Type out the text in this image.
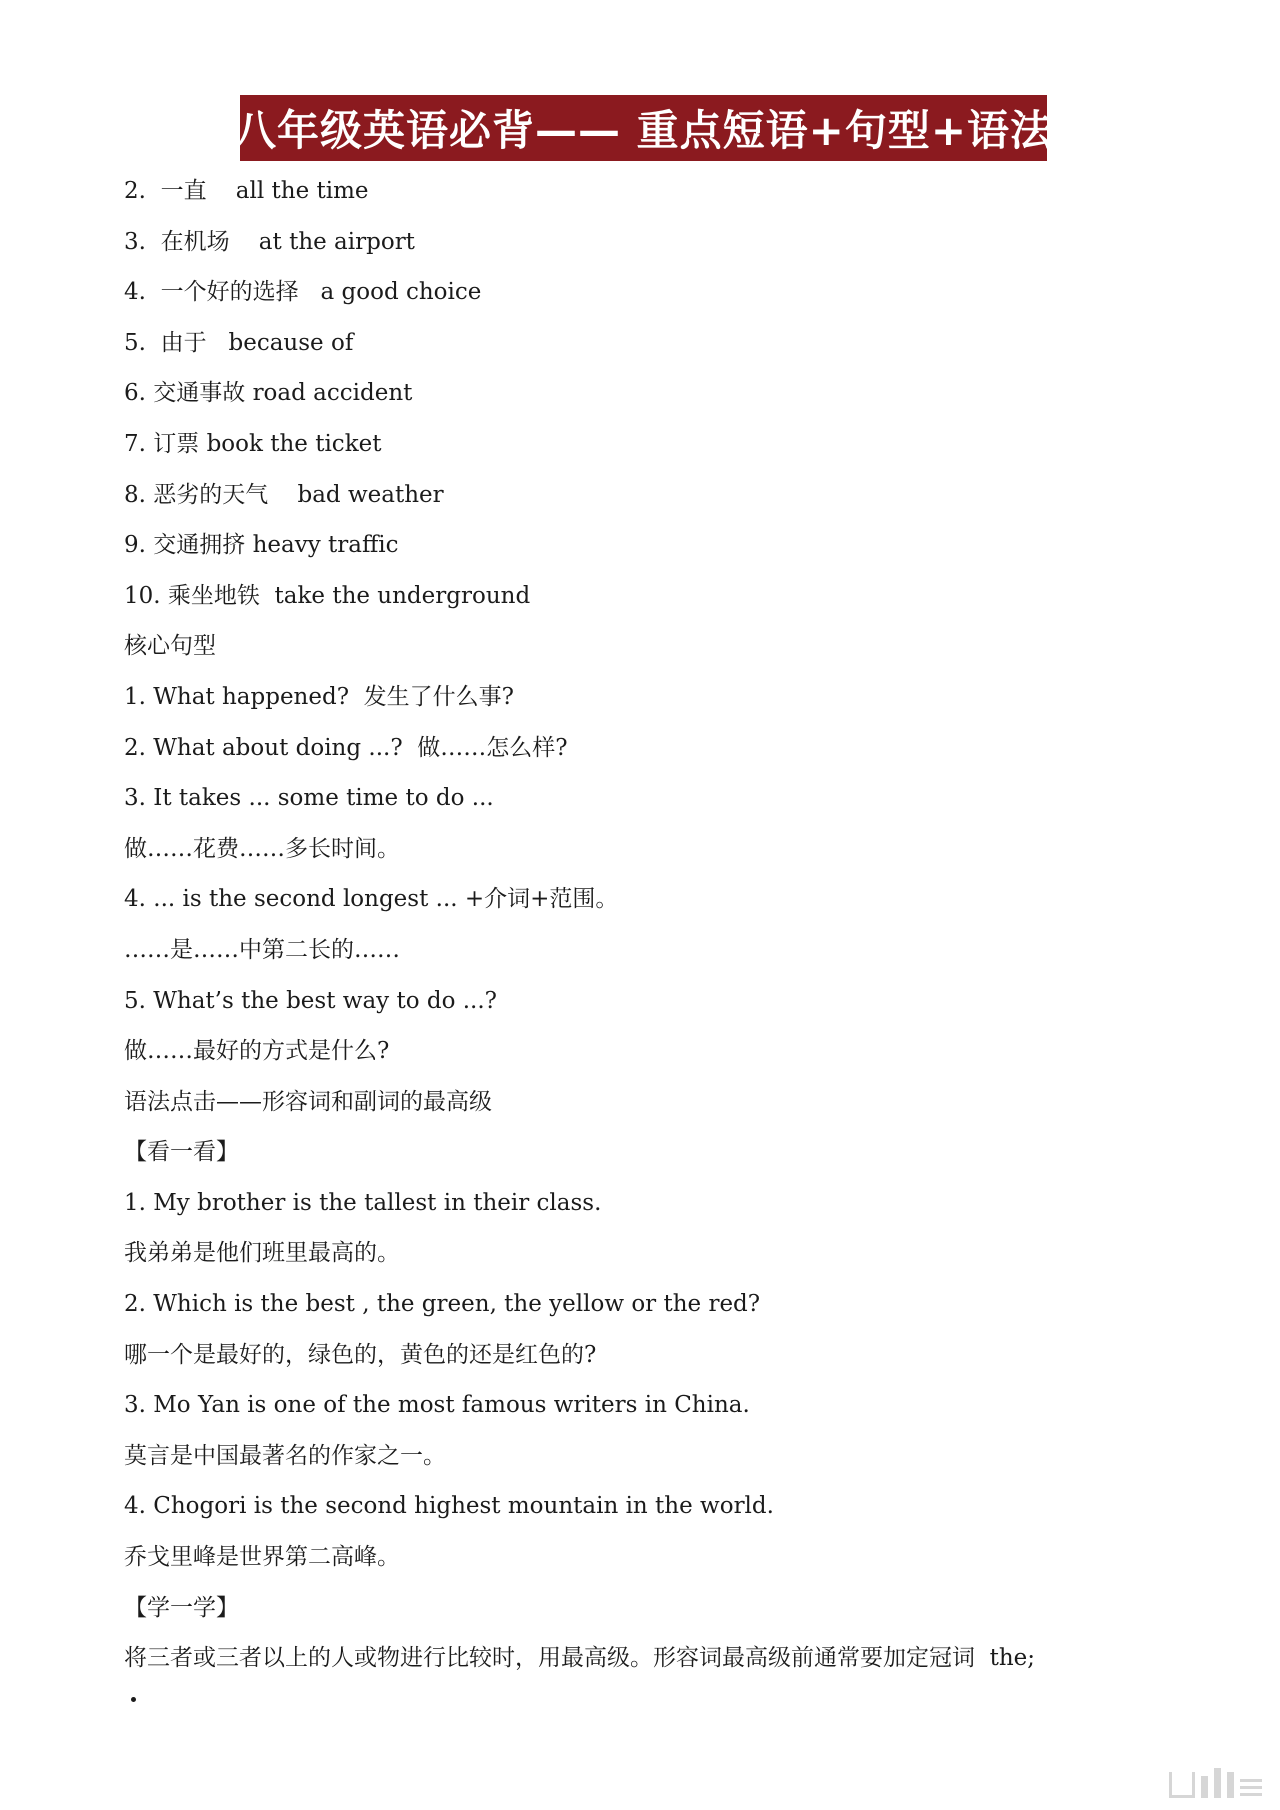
八年级英语必背—— 重点短语+句型+语法
2.  一直    all the time
3.  在机场    at the airport
4.  一个好的选择   a good choice
5.  由于   because of
6. 交通事故 road accident
7. 订票 book the ticket
8. 恶劣的天气    bad weather
9. 交通拥挤 heavy traffic
10. 乘坐地铁  take the underground
核心句型
1. What happened?  发生了什么事?
2. What about doing ...?  做……怎么样?
3. It takes ... some time to do ...
做……花费……多长时间。
4. ... is the second longest ... +介词+范围。
……是……中第二长的……
5. What’s the best way to do ...?
做……最好的方式是什么?
语法点击——形容词和副词的最高级
【看一看】
1. My brother is the tallest in their class.
我弟弟是他们班里最高的。
2. Which is the best , the green, the yellow or the red?
哪一个是最好的，绿色的，黄色的还是红色的?
3. Mo Yan is one of the most famous writers in China.
莫言是中国最著名的作家之一。
4. Chogori is the second highest mountain in the world.
乔戈里峰是世界第二高峰。
【学一学】
将三者或三者以上的人或物进行比较时，用最高级。形容词最高级前通常要加定冠词  the;
